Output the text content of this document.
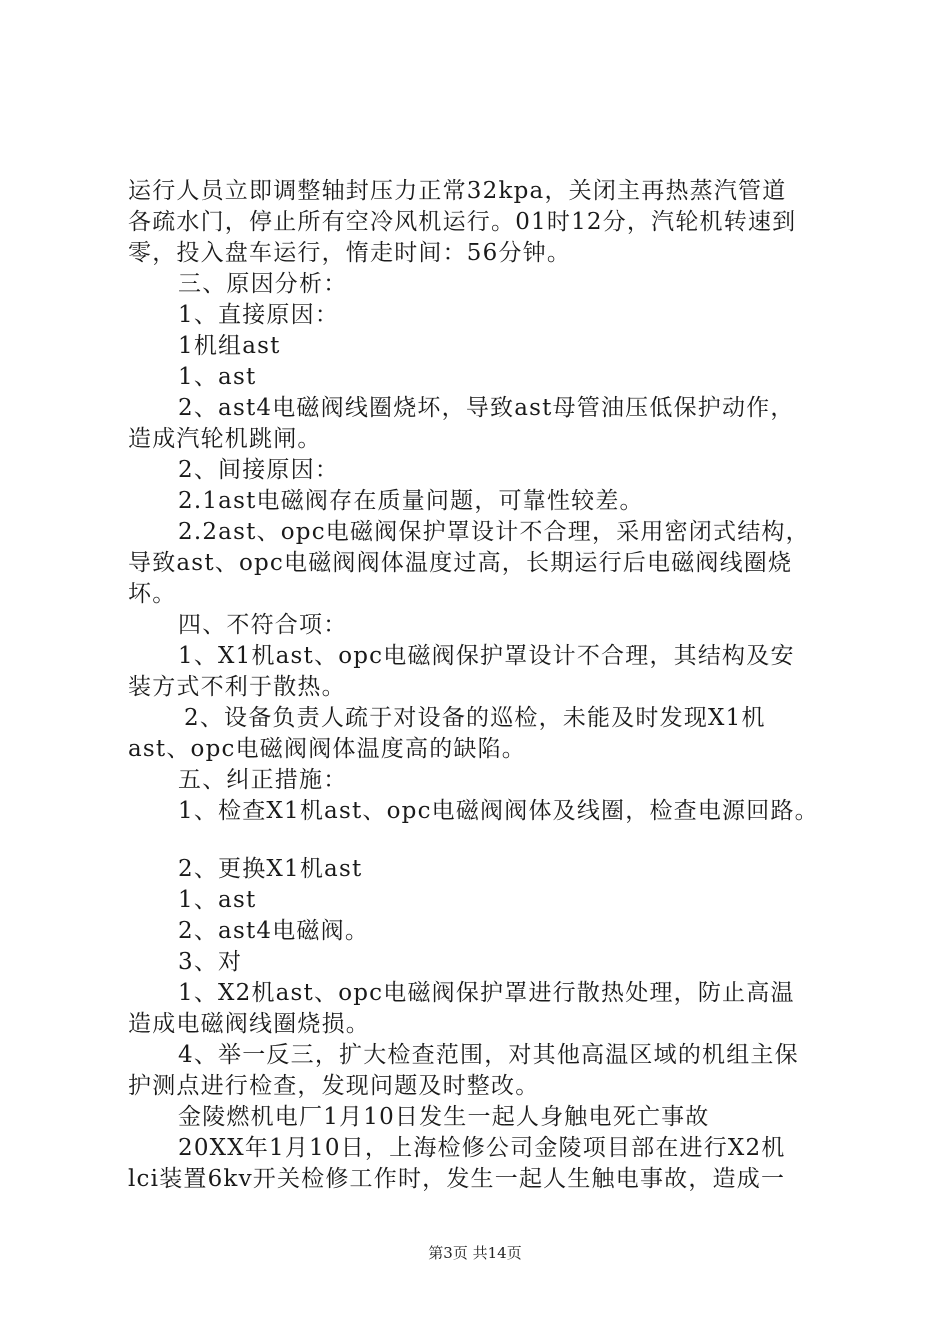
运行人员立即调整轴封压力正常32kpa，关闭主再热蒸汽管道
各疏水门，停止所有空冷风机运行。01时12分，汽轮机转速到
零，投入盘车运行，惰走时间：56分钟。
三、原因分析：
1、直接原因：
1机组ast
1、ast
2、ast4电磁阀线圈烧坏，导致ast母管油压低保护动作，
造成汽轮机跳闸。
2、间接原因：
2.1ast电磁阀存在质量问题，可靠性较差。
2.2ast、opc电磁阀保护罩设计不合理，采用密闭式结构，
导致ast、opc电磁阀阀体温度过高，长期运行后电磁阀线圈烧
坏。
四、不符合项：
1、X1机ast、opc电磁阀保护罩设计不合理，其结构及安
装方式不利于散热。
2、设备负责人疏于对设备的巡检，未能及时发现X1机
ast、opc电磁阀阀体温度高的缺陷。
五、纠正措施：
1、检查X1机ast、opc电磁阀阀体及线圈，检查电源回路。
2、更换X1机ast
1、ast
2、ast4电磁阀。
3、对
1、X2机ast、opc电磁阀保护罩进行散热处理，防止高温
造成电磁阀线圈烧损。
4、举一反三，扩大检查范围，对其他高温区域的机组主保
护测点进行检查，发现问题及时整改。
金陵燃机电厂1月10日发生一起人身触电死亡事故
20XX年1月10日，上海检修公司金陵项目部在进行X2机
lci装置6kv开关检修工作时，发生一起人生触电事故，造成一
第3页 共14页
